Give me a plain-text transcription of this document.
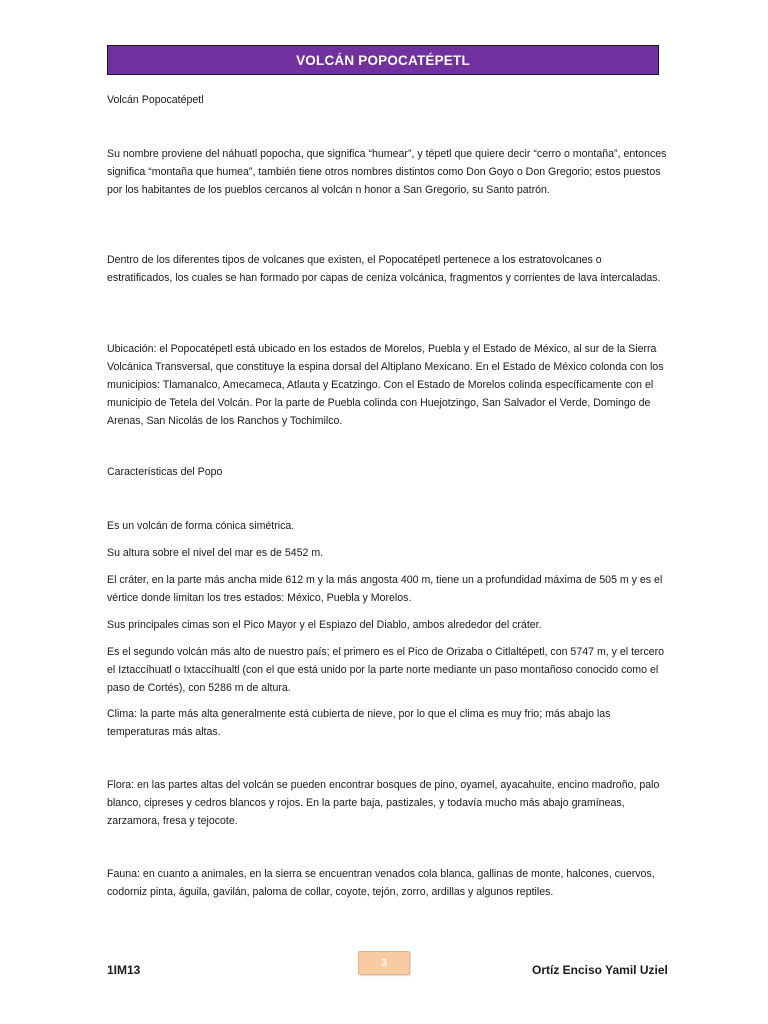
VOLCÁN POPOCATÉPETL

Volcán Popocatépetl

Su nombre proviene del náhuatl popocha, que significa “humear”, y tépetl que quiere decir “cerro o montaña”, entonces significa “montaña que humea”, también tiene otros nombres distintos como Don Goyo o Don Gregorio; estos puestos por los habitantes de los pueblos cercanos al volcán n honor a San Gregorio, su Santo patrón.

Dentro de los diferentes tipos de volcanes que existen, el Popocatépetl pertenece a los estratovolcanes o estratificados, los cuales se han formado por capas de ceniza volcánica, fragmentos y corrientes de lava intercaladas.

Ubicación: el Popocatépetl está ubicado en los estados de Morelos, Puebla y el Estado de México, al sur de la Sierra Volcánica Transversal, que constituye la espina dorsal del Altiplano Mexicano. En el Estado de México colonda con los municipios: Tlamanalco, Amecameca, Atlauta y Ecatzingo. Con el Estado de Morelos colinda específicamente con el municipio de Tetela del Volcán. Por la parte de Puebla colinda con Huejotzingo, San Salvador el Verde, Domingo de Arenas, San Nicolás de los Ranchos y Tochimilco.

Características del Popo

Es un volcán de forma cónica simétrica.

Su altura sobre el nivel del mar es de 5452 m.

El cráter, en la parte más ancha mide 612 m y la más angosta 400 m, tiene un a profundidad máxima de 505 m y es el vértice donde limitan los tres estados: México, Puebla y Morelos.

Sus principales cimas son el Pico Mayor y el Espiazo del Diablo, ambos alrededor del cráter.

Es el segundo volcán más alto de nuestro país; el primero es el Pico de Orizaba o Citlaltépetl, con 5747 m, y el tercero el Iztaccíhuatl o Ixtaccíhualtl (con el que está unido por la parte norte mediante un paso montañoso conocido como el paso de Cortés), con 5286 m de altura.

Clima: la parte más alta generalmente está cubierta de nieve, por lo que el clima es muy frio; más abajo las temperaturas más altas.

Flora: en las partes altas del volcán se pueden encontrar bosques de pino, oyamel, ayacahuite, encino madroño, palo blanco, cipreses y cedros blancos y rojos. En la parte baja, pastizales, y todavía mucho más abajo gramíneas, zarzamora, fresa y tejocote.

Fauna: en cuanto a animales, en la sierra se encuentran venados cola blanca, gallinas de monte, halcones, cuervos, codorniz pinta, águila, gavilán, paloma de collar, coyote, tejón, zorro, ardillas y algunos reptiles.

1IM13	3	Ortíz Enciso Yamil Uziel
